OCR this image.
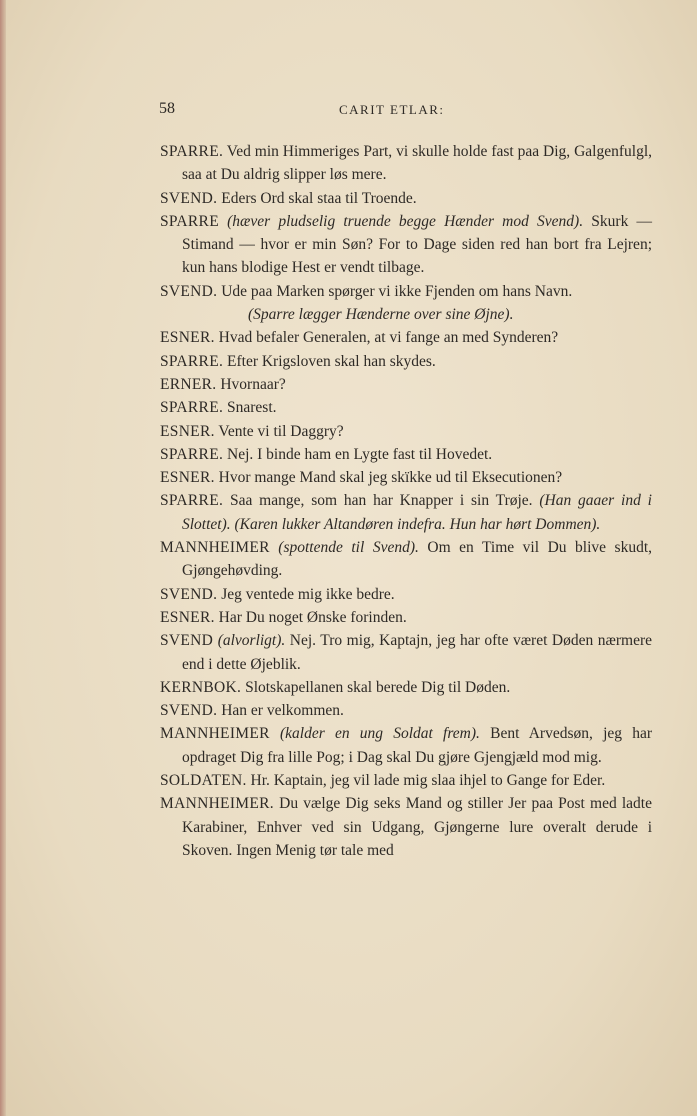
58	CARIT ETLAR:

SPARRE. Ved min Himmeriges Part, vi skulle holde fast paa Dig, Galgenfulgl, saa at Du aldrig slipper løs mere.

SVEND. Eders Ord skal staa til Troende.

SPARRE (hæver pludselig truende begge Hænder mod Svend). Skurk — Stimand — hvor er min Søn? For to Dage siden red han bort fra Lejren; kun hans blodige Hest er vendt tilbage.

SVEND. Ude paa Marken spørger vi ikke Fjenden om hans Navn.

(Sparre lægger Hænderne over sine Øjne).

ESNER. Hvad befaler Generalen, at vi fange an med Synderen?

SPARRE. Efter Krigsloven skal han skydes.

ERNER. Hvornaar?

SPARRE. Snarest.

ESNER. Vente vi til Daggry?

SPARRE. Nej. I binde ham en Lygte fast til Hovedet.

ESNER. Hvor mange Mand skal jeg skïkke ud til Eksecutionen?

SPARRE. Saa mange, som han har Knapper i sin Trøje. (Han gaaer ind i Slottet). (Karen lukker Altandøren indefra. Hun har hørt Dommen).

MANNHEIMER (spottende til Svend). Om en Time vil Du blive skudt, Gjøngehøvding.

SVEND. Jeg ventede mig ikke bedre.

ESNER. Har Du noget Ønske forinden.

SVEND (alvorligt). Nej. Tro mig, Kaptajn, jeg har ofte været Døden nærmere end i dette Øjeblik.

KERNBOK. Slotskapellanen skal berede Dig til Døden.

SVEND. Han er velkommen.

MANNHEIMER (kalder en ung Soldat frem). Bent Arvedsøn, jeg har opdraget Dig fra lille Pog; i Dag skal Du gjøre Gjengjæld mod mig.

SOLDATEN. Hr. Kaptain, jeg vil lade mig slaa ihjel to Gange for Eder.

MANNHEIMER. Du vælge Dig seks Mand og stiller Jer paa Post med ladte Karabiner, Enhver ved sin Udgang, Gjøngerne lure overalt derude i Skoven. Ingen Menig tør tale med
